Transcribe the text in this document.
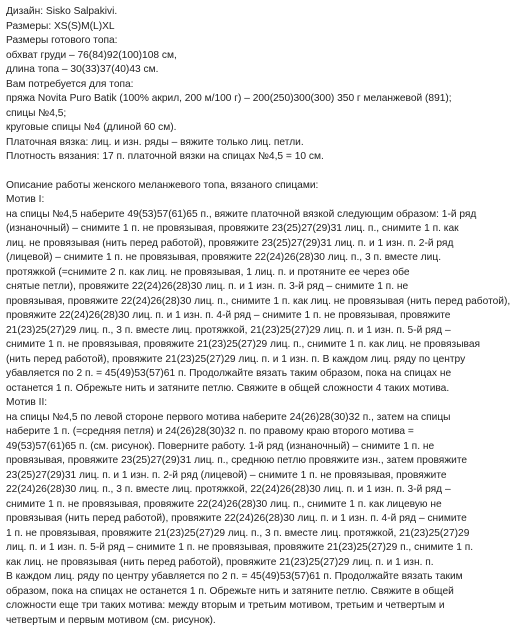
Дизайн: Sisko Salpakivi.
Размеры: XS(S)M(L)XL
Размеры готового топа:
обхват груди – 76(84)92(100)108 см,
длина топа – 30(33)37(40)43 см.
Вам потребуется для топа:
пряжа Novita Puro Batik (100% акрил, 200 м/100 г) – 200(250)300(300) 350 г меланжевой (891);
спицы №4,5;
круговые спицы №4 (длиной 60 см).
Платочная вязка: лиц. и изн. ряды – вяжите только лиц. петли.
Плотность вязания: 17 п. платочной вязки на спицах №4,5 = 10 см.
Описание работы женского меланжевого топа, вязаного спицами:
Мотив I:
на спицы №4,5 наберите 49(53)57(61)65 п., вяжите платочной вязкой следующим образом: 1-й ряд
(изнаночный) – снимите 1 п. не провязывая, провяжите 23(25)27(29)31 лиц. п., снимите 1 п. как
лиц. не провязывая (нить перед работой), провяжите 23(25)27(29)31 лиц. п. и 1 изн. п. 2-й ряд
(лицевой) – снимите 1 п. не провязывая, провяжите 22(24)26(28)30 лиц. п., 3 п. вместе лиц.
протяжкой (=снимите 2 п. как лиц. не провязывая, 1 лиц. п. и протяните ее через обе
снятые петли), провяжите 22(24)26(28)30 лиц. п. и 1 изн. п. 3-й ряд – снимите 1 п. не
провязывая, провяжите 22(24)26(28)30 лиц. п., снимите 1 п. как лиц. не провязывая (нить перед работой),
провяжите 22(24)26(28)30 лиц. п. и 1 изн. п. 4-й ряд – снимите 1 п. не провязывая, провяжите
21(23)25(27)29 лиц. п., 3 п. вместе лиц. протяжкой, 21(23)25(27)29 лиц. п. и 1 изн. п. 5-й ряд –
снимите 1 п. не провязывая, провяжите 21(23)25(27)29 лиц. п., снимите 1 п. как лиц. не провязывая
(нить перед работой), провяжите 21(23)25(27)29 лиц. п. и 1 изн. п. В каждом лиц. ряду по центру
убавляется по 2 п. = 45(49)53(57)61 п. Продолжайте вязать таким образом, пока на спицах не
останется 1 п. Обрежьте нить и затяните петлю. Свяжите в общей сложности 4 таких мотива.
Мотив II:
на спицы №4,5 по левой стороне первого мотива наберите 24(26)28(30)32 п., затем на спицы
наберите 1 п. (=средняя петля) и 24(26)28(30)32 п. по правому краю второго мотива =
49(53)57(61)65 п. (см. рисунок). Поверните работу. 1-й ряд (изнаночный) – снимите 1 п. не
провязывая, провяжите 23(25)27(29)31 лиц. п., среднюю петлю провяжите изн., затем провяжите
23(25)27(29)31 лиц. п. и 1 изн. п. 2-й ряд (лицевой) – снимите 1 п. не провязывая, провяжите
22(24)26(28)30 лиц. п., 3 п. вместе лиц. протяжкой, 22(24)26(28)30 лиц. п. и 1 изн. п. 3-й ряд –
снимите 1 п. не провязывая, провяжите 22(24)26(28)30 лиц. п., снимите 1 п. как лицевую не
провязывая (нить перед работой), провяжите 22(24)26(28)30 лиц. п. и 1 изн. п. 4-й ряд – снимите
1 п. не провязывая, провяжите 21(23)25(27)29 лиц. п., 3 п. вместе лиц. протяжкой, 21(23)25(27)29
лиц. п. и 1 изн. п. 5-й ряд – снимите 1 п. не провязывая, провяжите 21(23)25(27)29 п., снимите 1 п.
как лиц. не провязывая (нить перед работой), провяжите 21(23)25(27)29 лиц. п. и 1 изн. п.
В каждом лиц. ряду по центру убавляется по 2 п. = 45(49)53(57)61 п. Продолжайте вязать таким
образом, пока на спицах не останется 1 п. Обрежьте нить и затяните петлю. Свяжите в общей
сложности еще три таких мотива: между вторым и третьим мотивом, третьим и четвертым и
четвертым и первым мотивом (см. рисунок).
